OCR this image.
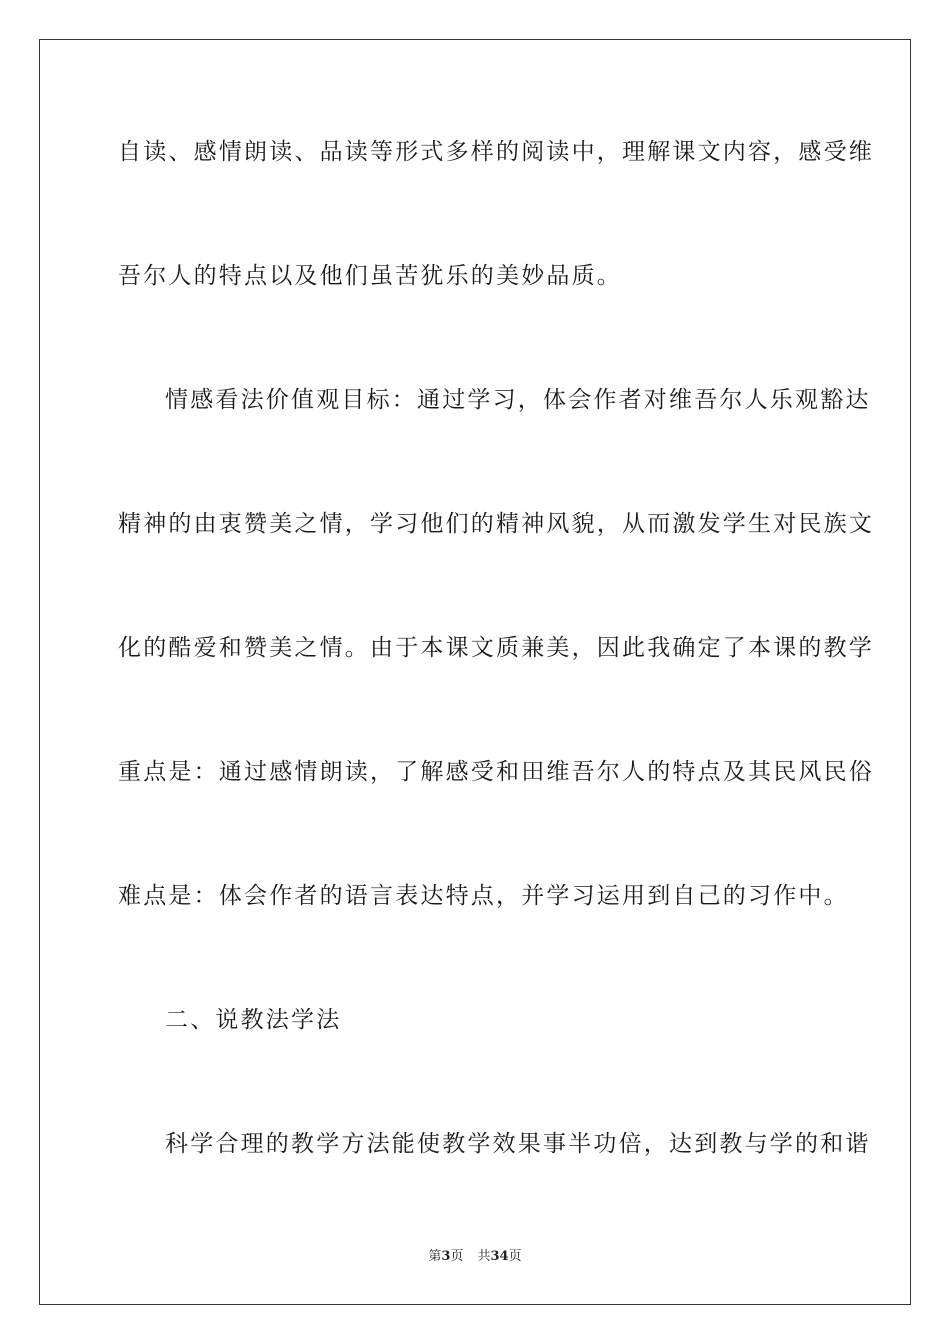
自读、感情朗读、品读等形式多样的阅读中，理解课文内容，感受维
吾尔人的特点以及他们虽苦犹乐的美妙品质。
情感看法价值观目标：通过学习，体会作者对维吾尔人乐观豁达
精神的由衷赞美之情，学习他们的精神风貌，从而激发学生对民族文
化的酷爱和赞美之情。由于本课文质兼美，因此我确定了本课的教学
重点是：通过感情朗读，了解感受和田维吾尔人的特点及其民风民俗
难点是：体会作者的语言表达特点，并学习运用到自己的习作中。
二、说教法学法
科学合理的教学方法能使教学效果事半功倍，达到教与学的和谐
第3页 共34页
